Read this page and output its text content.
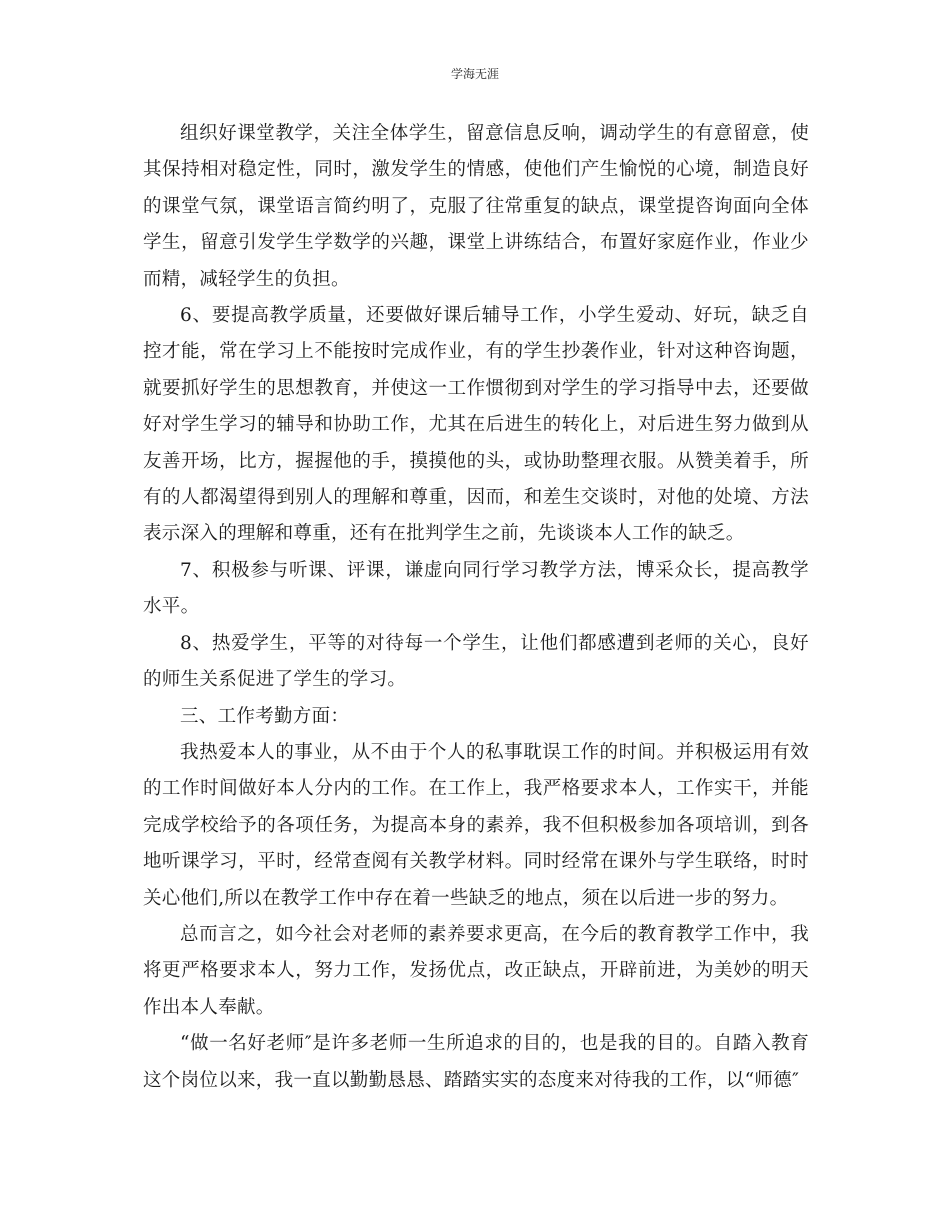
学海无涯

组织好课堂教学，关注全体学生，留意信息反响，调动学生的有意留意，使其保持相对稳定性，同时，激发学生的情感，使他们产生愉悦的心境，制造良好的课堂气氛，课堂语言简约明了，克服了往常重复的缺点，课堂提咨询面向全体学生，留意引发学生学数学的兴趣，课堂上讲练结合，布置好家庭作业，作业少而精，减轻学生的负担。

6、要提高教学质量，还要做好课后辅导工作，小学生爱动、好玩，缺乏自控才能，常在学习上不能按时完成作业，有的学生抄袭作业，针对这种咨询题，就要抓好学生的思想教育，并使这一工作惯彻到对学生的学习指导中去，还要做好对学生学习的辅导和协助工作，尤其在后进生的转化上，对后进生努力做到从友善开场，比方，握握他的手，摸摸他的头，或协助整理衣服。从赞美着手，所有的人都渴望得到别人的理解和尊重，因而，和差生交谈时，对他的处境、方法表示深入的理解和尊重，还有在批判学生之前，先谈谈本人工作的缺乏。

7、积极参与听课、评课，谦虚向同行学习教学方法，博采众长，提高教学水平。

8、热爱学生，平等的对待每一个学生，让他们都感遭到老师的关心，良好的师生关系促进了学生的学习。

三、工作考勤方面：

我热爱本人的事业，从不由于个人的私事耽误工作的时间。并积极运用有效的工作时间做好本人分内的工作。在工作上，我严格要求本人，工作实干，并能完成学校给予的各项任务，为提高本身的素养，我不但积极参加各项培训，到各地听课学习，平时，经常查阅有关教学材料。同时经常在课外与学生联络，时时关心他们,所以在教学工作中存在着一些缺乏的地点，须在以后进一步的努力。

总而言之，如今社会对老师的素养要求更高，在今后的教育教学工作中，我将更严格要求本人，努力工作，发扬优点，改正缺点，开辟前进，为美妙的明天作出本人奉献。

“做一名好老师″是许多老师一生所追求的目的，也是我的目的。自踏入教育这个岗位以来，我一直以勤勤恳恳、踏踏实实的态度来对待我的工作，以“师德″
